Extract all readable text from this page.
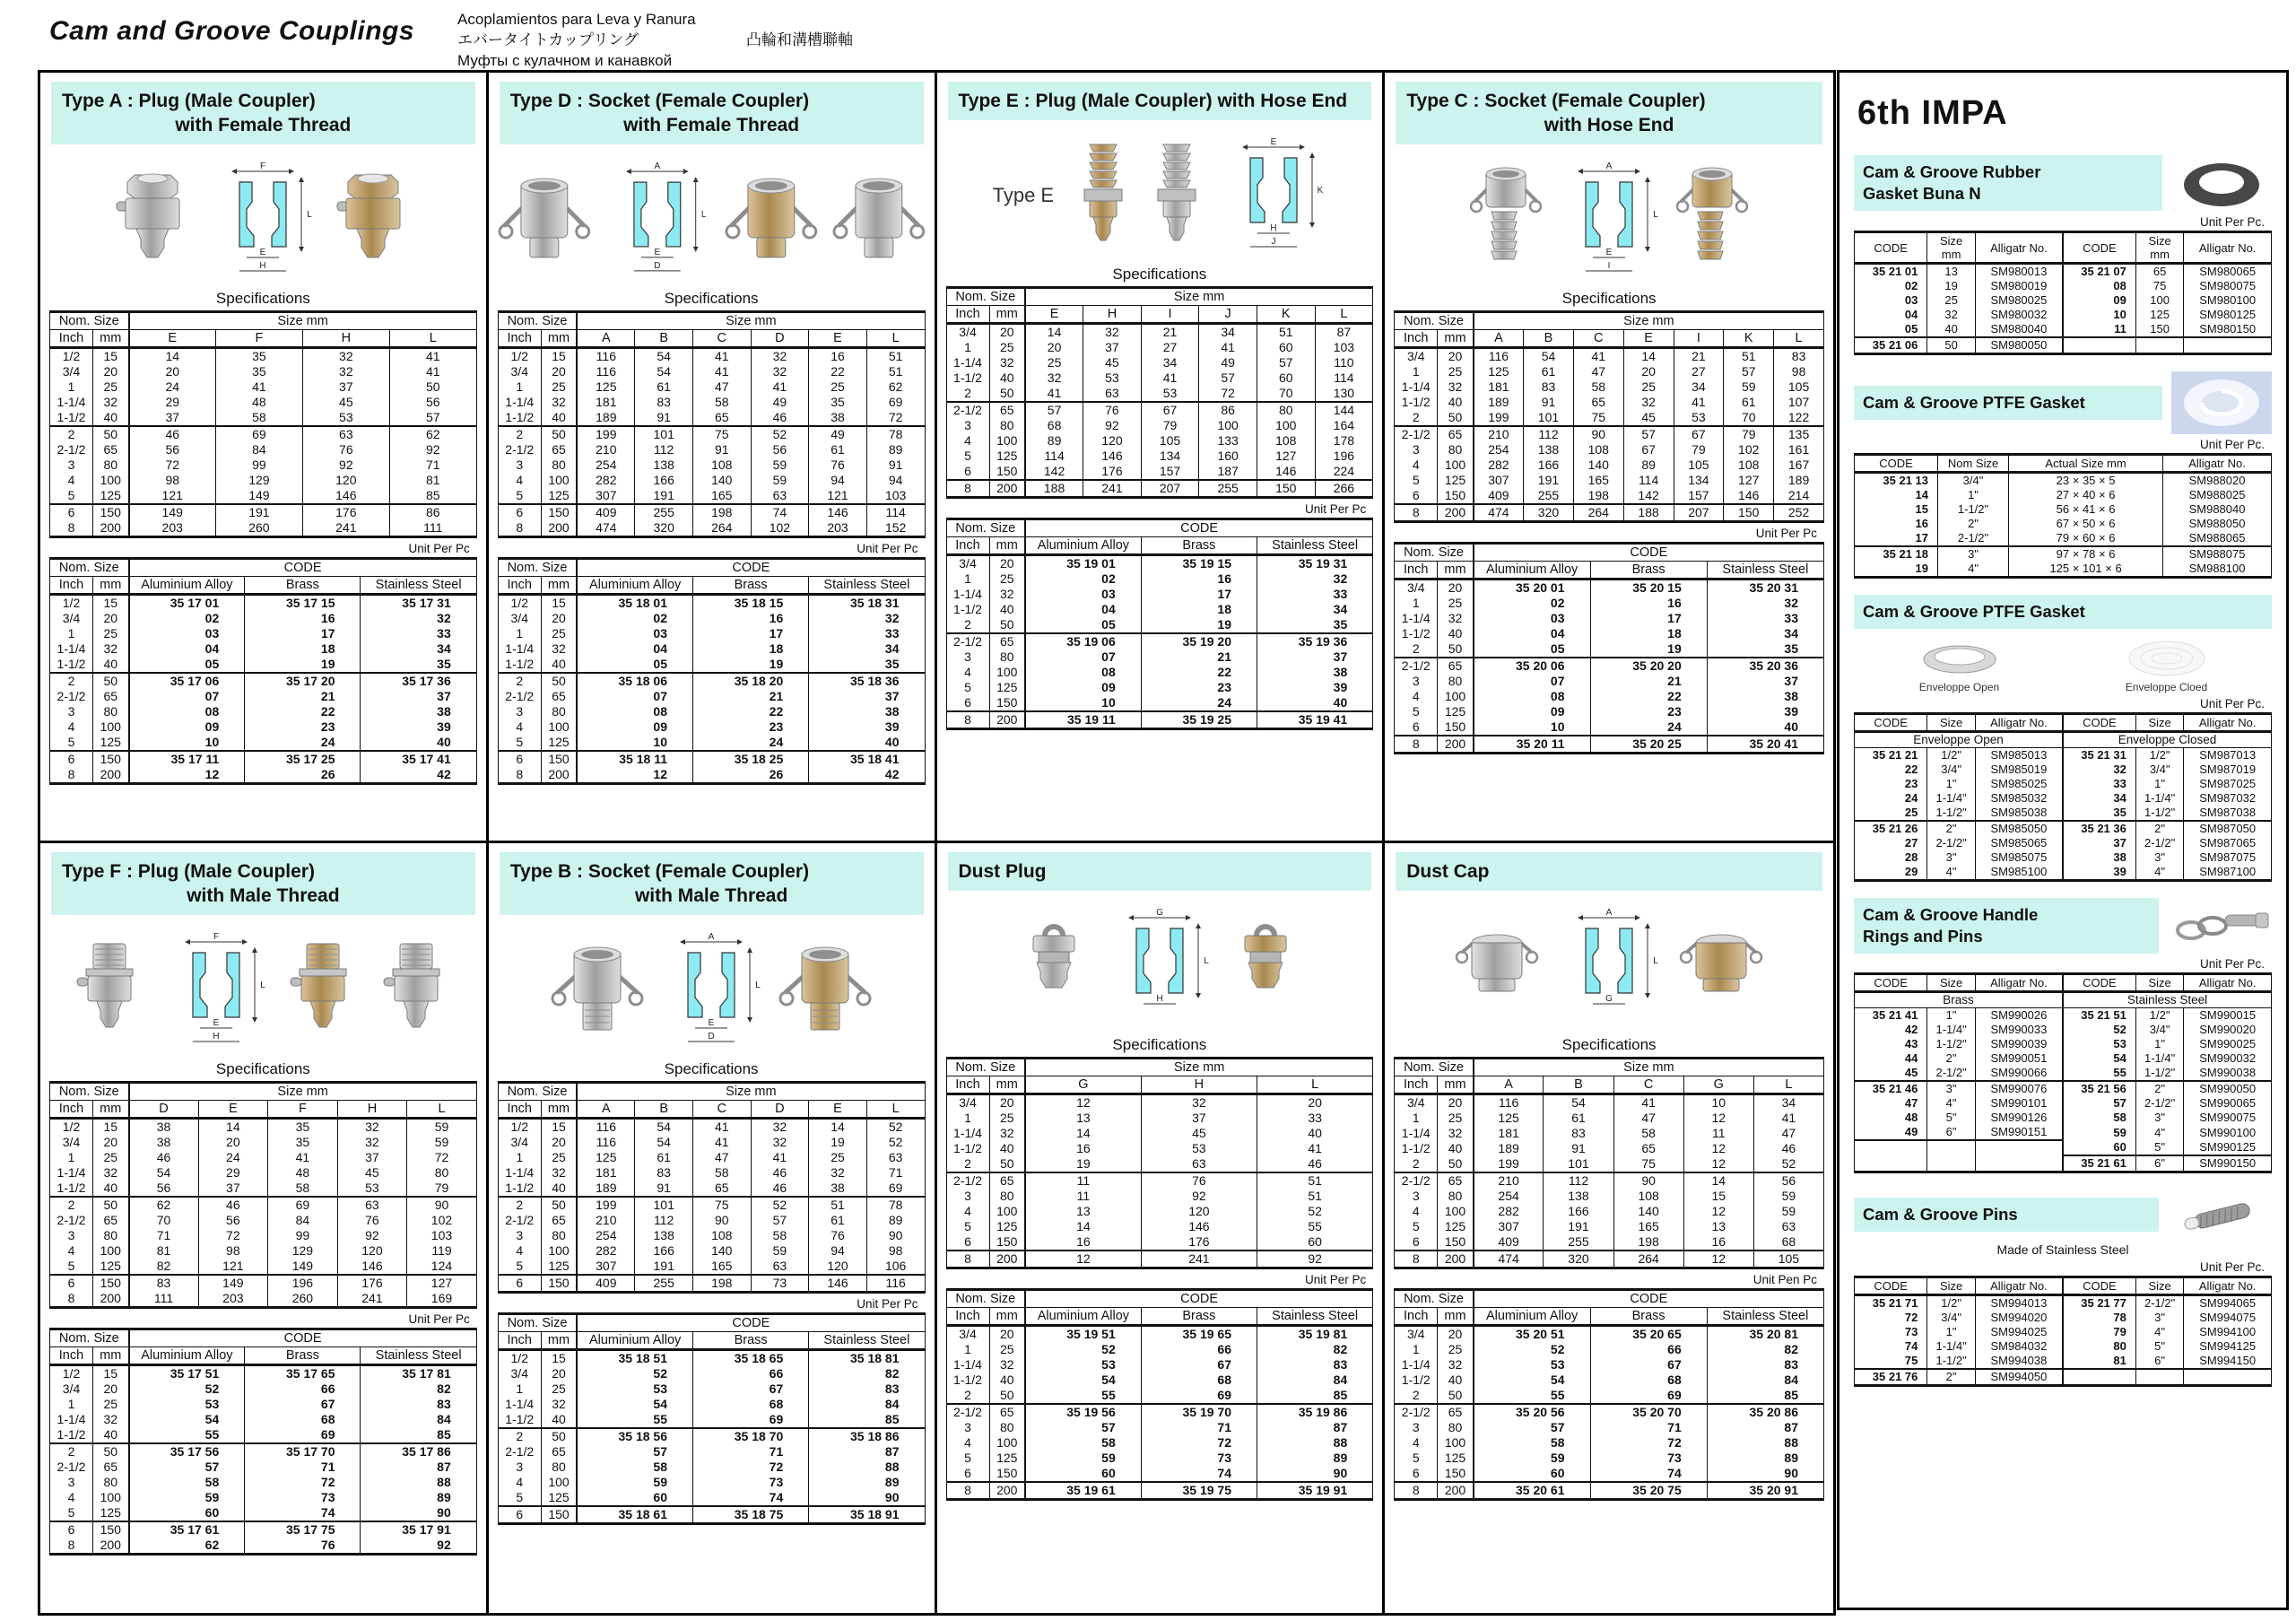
Cam and Groove Couplings	Acoplamientos para Leva y Ranura
エバータイトカップリング	凸輪和溝槽聯軸
Муфты с кулачном и канавкой
Type A : Plug (Male Coupler)
with Female Thread
F
L
E
H
Specifications
Nom. Size		Size mm			
Inch	mm	E	F	H	L
1/2	15	14	35	32	41
3/4	20	20	35	32	41
1	25	24	41	37	50
1-1/4	32	29	48	45	56
1-1/2	40	37	58	53	57
2	50	46	69	63	62
2-1/2	65	56	84	76	92
3	80	72	99	92	71
4	100	98	129	120	81
5	125	121	149	146	85
6	150	149	191	176	86
8	200	203	260	241	111
Unit Per Pc
Nom. Size		CODE		
Inch	mm	Aluminium Alloy	Brass	Stainless Steel
1/2	15	35 17 01	35 17 15	35 17 31
3/4	20	02	16	32
1	25	03	17	33
1-1/4	32	04	18	34
1-1/2	40	05	19	35
2	50	35 17 06	35 17 20	35 17 36
2-1/2	65	07	21	37
3	80	08	22	38
4	100	09	23	39
5	125	10	24	40
6	150	35 17 11	35 17 25	35 17 41
8	200	12	26	42
Type D : Socket (Female Coupler)
with Female Thread
A
L
E
D
Specifications
Nom. Size		Size mm					
Inch	mm	A	B	C	D	E	L
1/2	15	116	54	41	32	16	51
3/4	20	116	54	41	32	22	51
1	25	125	61	47	41	25	62
1-1/4	32	181	83	58	49	35	69
1-1/2	40	189	91	65	46	38	72
2	50	199	101	75	52	49	78
2-1/2	65	210	112	91	56	61	89
3	80	254	138	108	59	76	91
4	100	282	166	140	59	94	94
5	125	307	191	165	63	121	103
6	150	409	255	198	74	146	114
8	200	474	320	264	102	203	152
Unit Per Pc
Nom. Size		CODE		
Inch	mm	Aluminium Alloy	Brass	Stainless Steel
1/2	15	35 18 01	35 18 15	35 18 31
3/4	20	02	16	32
1	25	03	17	33
1-1/4	32	04	18	34
1-1/2	40	05	19	35
2	50	35 18 06	35 18 20	35 18 36
2-1/2	65	07	21	37
3	80	08	22	38
4	100	09	23	39
5	125	10	24	40
6	150	35 18 11	35 18 25	35 18 41
8	200	12	26	42
Type E : Plug (Male Coupler) with Hose End
Type E
E
K
H
J
Specifications
Nom. Size		Size mm					
Inch	mm	E	H	I	J	K	L
3/4	20	14	32	21	34	51	87
1	25	20	37	27	41	60	103
1-1/4	32	25	45	34	49	57	110
1-1/2	40	32	53	41	57	60	114
2	50	41	63	53	72	70	130
2-1/2	65	57	76	67	86	80	144
3	80	68	92	79	100	100	164
4	100	89	120	105	133	108	178
5	125	114	146	134	160	127	196
6	150	142	176	157	187	146	224
8	200	188	241	207	255	150	266
Unit Per Pc
Nom. Size		CODE		
Inch	mm	Aluminium Alloy	Brass	Stainless Steel
3/4	20	35 19 01	35 19 15	35 19 31
1	25	02	16	32
1-1/4	32	03	17	33
1-1/2	40	04	18	34
2	50	05	19	35
2-1/2	65	35 19 06	35 19 20	35 19 36
3	80	07	21	37
4	100	08	22	38
5	125	09	23	39
6	150	10	24	40
8	200	35 19 11	35 19 25	35 19 41
Type C : Socket (Female Coupler)
with Hose End
A
L
E
I
Specifications
Nom. Size		Size mm						
Inch	mm	A	B	C	E	I	K	L
3/4	20	116	54	41	14	21	51	83
1	25	125	61	47	20	27	57	98
1-1/4	32	181	83	58	25	34	59	105
1-1/2	40	189	91	65	32	41	61	107
2	50	199	101	75	45	53	70	122
2-1/2	65	210	112	90	57	67	79	135
3	80	254	138	108	67	79	102	161
4	100	282	166	140	89	105	108	167
5	125	307	191	165	114	134	127	189
6	150	409	255	198	142	157	146	214
8	200	474	320	264	188	207	150	252
Unit Per Pc
Nom. Size		CODE		
Inch	mm	Aluminium Alloy	Brass	Stainless Steel
3/4	20	35 20 01	35 20 15	35 20 31
1	25	02	16	32
1-1/4	32	03	17	33
1-1/2	40	04	18	34
2	50	05	19	35
2-1/2	65	35 20 06	35 20 20	35 20 36
3	80	07	21	37
4	100	08	22	38
5	125	09	23	39
6	150	10	24	40
8	200	35 20 11	35 20 25	35 20 41
Type F : Plug (Male Coupler)
with Male Thread
F
L
E
H
Specifications
Nom. Size		Size mm				
Inch	mm	D	E	F	H	L
1/2	15	38	14	35	32	59
3/4	20	38	20	35	32	59
1	25	46	24	41	37	72
1-1/4	32	54	29	48	45	80
1-1/2	40	56	37	58	53	79
2	50	62	46	69	63	90
2-1/2	65	70	56	84	76	102
3	80	71	72	99	92	103
4	100	81	98	129	120	119
5	125	82	121	149	146	124
6	150	83	149	196	176	127
8	200	111	203	260	241	169
Unit Per Pc
Nom. Size		CODE		
Inch	mm	Aluminium Alloy	Brass	Stainless Steel
1/2	15	35 17 51	35 17 65	35 17 81
3/4	20	52	66	82
1	25	53	67	83
1-1/4	32	54	68	84
1-1/2	40	55	69	85
2	50	35 17 56	35 17 70	35 17 86
2-1/2	65	57	71	87
3	80	58	72	88
4	100	59	73	89
5	125	60	74	90
6	150	35 17 61	35 17 75	35 17 91
8	200	62	76	92
Type B : Socket (Female Coupler)
with Male Thread
A
L
E
D
Specifications
Nom. Size		Size mm					
Inch	mm	A	B	C	D	E	L
1/2	15	116	54	41	32	14	52
3/4	20	116	54	41	32	19	52
1	25	125	61	47	41	25	63
1-1/4	32	181	83	58	46	32	71
1-1/2	40	189	91	65	46	38	69
2	50	199	101	75	52	51	78
2-1/2	65	210	112	90	57	61	89
3	80	254	138	108	58	76	90
4	100	282	166	140	59	94	98
5	125	307	191	165	63	120	106
6	150	409	255	198	73	146	116
Unit Per Pc
Nom. Size		CODE		
Inch	mm	Aluminium Alloy	Brass	Stainless Steel
1/2	15	35 18 51	35 18 65	35 18 81
3/4	20	52	66	82
1	25	53	67	83
1-1/4	32	54	68	84
1-1/2	40	55	69	85
2	50	35 18 56	35 18 70	35 18 86
2-1/2	65	57	71	87
3	80	58	72	88
4	100	59	73	89
5	125	60	74	90
6	150	35 18 61	35 18 75	35 18 91
Dust Plug
G
L
H
Specifications
Nom. Size		Size mm		
Inch	mm	G	H	L
3/4	20	12	32	20
1	25	13	37	33
1-1/4	32	14	45	40
1-1/2	40	16	53	41
2	50	19	63	46
2-1/2	65	11	76	51
3	80	11	92	51
4	100	13	120	52
5	125	14	146	55
6	150	16	176	60
8	200	12	241	92
Unit Per Pc
Nom. Size		CODE		
Inch	mm	Aluminium Alloy	Brass	Stainless Steel
3/4	20	35 19 51	35 19 65	35 19 81
1	25	52	66	82
1-1/4	32	53	67	83
1-1/2	40	54	68	84
2	50	55	69	85
2-1/2	65	35 19 56	35 19 70	35 19 86
3	80	57	71	87
4	100	58	72	88
5	125	59	73	89
6	150	60	74	90
8	200	35 19 61	35 19 75	35 19 91
Dust Cap
A
L
G
Specifications
Nom. Size		Size mm				
Inch	mm	A	B	C	G	L
3/4	20	116	54	41	10	34
1	25	125	61	47	12	41
1-1/4	32	181	83	58	11	47
1-1/2	40	189	91	65	12	46
2	50	199	101	75	12	52
2-1/2	65	210	112	90	14	56
3	80	254	138	108	15	59
4	100	282	166	140	12	59
5	125	307	191	165	13	63
6	150	409	255	198	16	68
8	200	474	320	264	12	105
Unit Pen Pc
Nom. Size		CODE		
Inch	mm	Aluminium Alloy	Brass	Stainless Steel
3/4	20	35 20 51	35 20 65	35 20 81
1	25	52	66	82
1-1/4	32	53	67	83
1-1/2	40	54	68	84
2	50	55	69	85
2-1/2	65	35 20 56	35 20 70	35 20 86
3	80	57	71	87
4	100	58	72	88
5	125	59	73	89
6	150	60	74	90
8	200	35 20 61	35 20 75	35 20 91
6th IMPA
Cam & Groove Rubber
Gasket Buna N
Unit Per Pc.
CODE	Size mm	Alligatr No.	CODE	Size mm	Alligatr No.
35 21 01	13	SM980013	35 21 07	65	SM980065
02	19	SM980019	08	75	SM980075
03	25	SM980025	09	100	SM980100
04	32	SM980032	10	125	SM980125
05	40	SM980040	11	150	SM980150
35 21 06	50	SM980050			
Cam & Groove PTFE Gasket
Unit Per Pc.
CODE	Nom Size	Actual Size mm	Alligatr No.
35 21 13	3/4"	23 × 35 × 5	SM988020
14	1"	27 × 40 × 6	SM988025
15	1-1/2"	56 × 41 × 6	SM988040
16	2"	67 × 50 × 6	SM988050
17	2-1/2"	79 × 60 × 6	SM988065
35 21 18	3"	97 × 78 × 6	SM988075
19	4"	125 × 101 × 6	SM988100
Cam & Groove PTFE Gasket
Enveloppe Open	Enveloppe Cloed
Unit Per Pc.
CODE	Size	Alligatr No.	CODE	Size	Alligatr No.
Enveloppe Open			Enveloppe Closed		
35 21 21	1/2"	SM985013	35 21 31	1/2"	SM987013
22	3/4"	SM985019	32	3/4"	SM987019
23	1"	SM985025	33	1"	SM987025
24	1-1/4"	SM985032	34	1-1/4"	SM987032
25	1-1/2"	SM985038	35	1-1/2"	SM987038
35 21 26	2"	SM985050	35 21 36	2"	SM987050
27	2-1/2"	SM985065	37	2-1/2"	SM987065
28	3"	SM985075	38	3"	SM987075
29	4"	SM985100	39	4"	SM987100
Cam & Groove Handle
Rings and Pins
Unit Per Pc.
CODE	Size	Alligatr No.	CODE	Size	Alligatr No.
Brass			Stainless Steel		
35 21 41	1"	SM990026	35 21 51	1/2"	SM990015
42	1-1/4"	SM990033	52	3/4"	SM990020
43	1-1/2"	SM990039	53	1"	SM990025
44	2"	SM990051	54	1-1/4"	SM990032
45	2-1/2"	SM990066	55	1-1/2"	SM990038
35 21 46	3"	SM990076	35 21 56	2"	SM990050
47	4"	SM990101	57	2-1/2"	SM990065
48	5"	SM990126	58	3"	SM990075
49	6"	SM990151	59	4"	SM990100
			60	5"	SM990125
			35 21 61	6"	SM990150
Cam & Groove Pins
Made of Stainless Steel
Unit Per Pc.
CODE	Size	Alligatr No.	CODE	Size	Alligatr No.
35 21 71	1/2"	SM994013	35 21 77	2-1/2"	SM994065
72	3/4"	SM994020	78	3"	SM994075
73	1"	SM994025	79	4"	SM994100
74	1-1/4"	SM984032	80	5"	SM994125
75	1-1/2"	SM994038	81	6"	SM994150
35 21 76	2"	SM994050			
